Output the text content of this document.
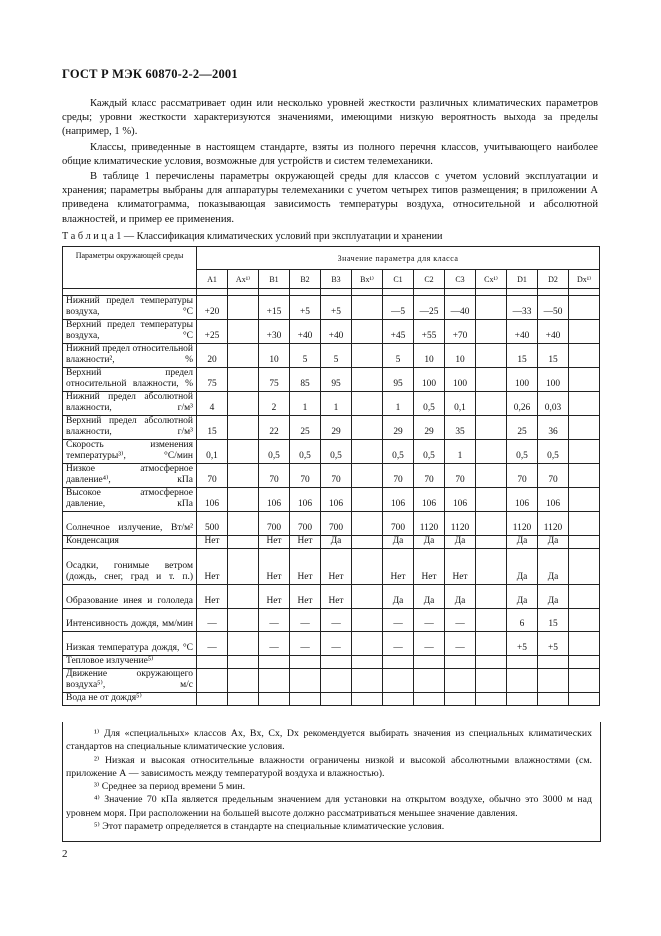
ГОСТ Р МЭК 60870-2-2—2001

Каждый класс рассматривает один или несколько уровней жесткости различных климатических параметров среды; уровни жесткости характеризуются значениями, имеющими низкую вероятность выхода за пределы (например, 1 %).

Классы, приведенные в настоящем стандарте, взяты из полного перечня классов, учитывающего наиболее общие климатические условия, возможные для устройств и систем телемеханики.

В таблице 1 перечислены параметры окружающей среды для классов с учетом условий эксплуатации и хранения; параметры выбраны для аппаратуры телемеханики с учетом четырех типов размещения; в приложении А приведена климатограмма, показывающая зависимость температуры воздуха, относительной и абсолютной влажностей, и пример ее применения.

Т а б л и ц а 1 — Классификация климатических условий при эксплуатации и хранении
Параметры окружающей среды	Значение параметра для класса												
	A1	Ax¹⁾	B1	B2	B3	Bx¹⁾	C1	C2	C3	Cx¹⁾	D1	D2	Dx¹⁾

Нижний предел температуры воздуха, °С	+20		+15	+5	+5		—5	—25	—40		—33	—50	
Верхний предел температуры воздуха, °С	+25		+30	+40	+40		+45	+55	+70		+40	+40	
Нижний предел относительной влажности², %	20		10	5	5		5	10	10		15	15	
Верхний предел относительной влажности, %	75		75	85	95		95	100	100		100	100	
Нижний предел абсолютной влажности, г/м³	4		2	1	1		1	0,5	0,1		0,26	0,03	
Верхний предел абсолютной влажности, г/м³	15		22	25	29		29	29	35		25	36	
Скорость изменения температуры³⁾, °С/мин	0,1		0,5	0,5	0,5		0,5	0,5	1		0,5	0,5	
Низкое атмосферное давление⁴⁾, кПа	70		70	70	70		70	70	70		70	70	
Высокое атмосферное давление, кПа	106		106	106	106		106	106	106		106	106	
Солнечное излучение, Вт/м²	500		700	700	700		700	1120	1120		1120	1120	
Конденсация	Нет		Нет	Нет	Да		Да	Да	Да		Да	Да	
Осадки, гонимые ветром (дождь, снег, град и т. п.)	Нет		Нет	Нет	Нет		Нет	Нет	Нет		Да	Да	
Образование инея и гололеда	Нет		Нет	Нет	Нет		Да	Да	Да		Да	Да	
Интенсивность дождя, мм/мин	—		—	—	—		—	—	—		6	15	
Низкая температура дождя, °С	—		—	—	—		—	—	—		+5	+5	
Тепловое излучение⁵⁾													
Движение окружающего воздуха⁵⁾, м/с													
Вода не от дождя⁵⁾													

¹⁾ Для «специальных» классов Ax, Bx, Cx, Dx рекомендуется выбирать значения из специальных климатических стандартов на специальные климатические условия.

²⁾ Низкая и высокая относительные влажности ограничены низкой и высокой абсолютными влажностями (см. приложение А — зависимость между температурой воздуха и влажностью).

³⁾ Среднее за период времени 5 мин.

⁴⁾ Значение 70 кПа является предельным значением для установки на открытом воздухе, обычно это 3000 м над уровнем моря. При расположении на большей высоте должно рассматриваться меньшее значение давления.

⁵⁾ Этот параметр определяется в стандарте на специальные климатические условия.

2
